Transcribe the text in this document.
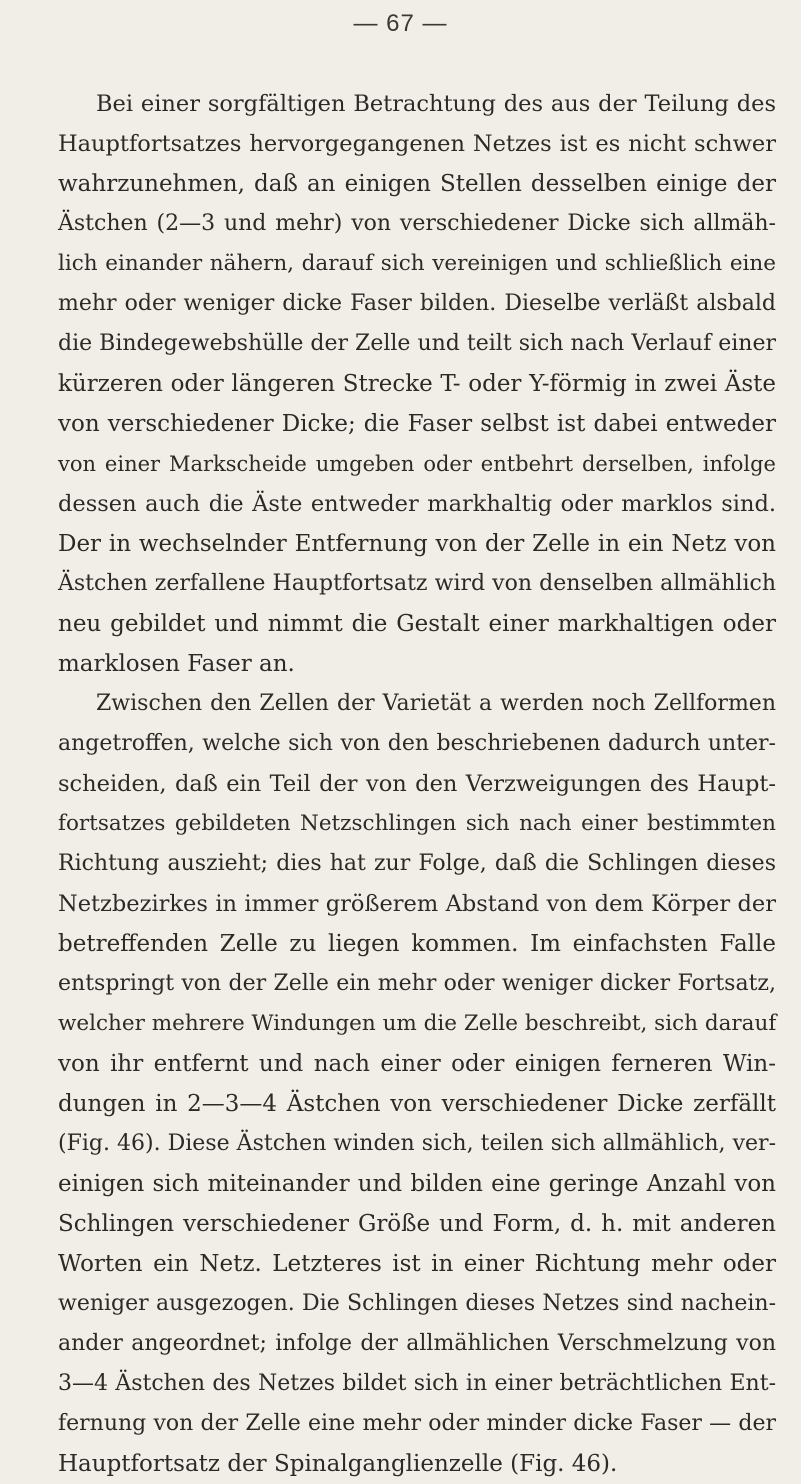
— 67 —
Bei einer sorgfältigen Betrachtung des aus der Teilung des
Hauptfortsatzes hervorgegangenen Netzes ist es nicht schwer
wahrzunehmen, daß an einigen Stellen desselben einige der
Ästchen (2—3 und mehr) von verschiedener Dicke sich allmäh-
lich einander nähern, darauf sich vereinigen und schließlich eine
mehr oder weniger dicke Faser bilden. Dieselbe verläßt alsbald
die Bindegewebshülle der Zelle und teilt sich nach Verlauf einer
kürzeren oder längeren Strecke T- oder Y-förmig in zwei Äste
von verschiedener Dicke; die Faser selbst ist dabei entweder
von einer Markscheide umgeben oder entbehrt derselben, infolge
dessen auch die Äste entweder markhaltig oder marklos sind.
Der in wechselnder Entfernung von der Zelle in ein Netz von
Ästchen zerfallene Hauptfortsatz wird von denselben allmählich
neu gebildet und nimmt die Gestalt einer markhaltigen oder
marklosen Faser an.
Zwischen den Zellen der Varietät a werden noch Zellformen
angetroffen, welche sich von den beschriebenen dadurch unter-
scheiden, daß ein Teil der von den Verzweigungen des Haupt-
fortsatzes gebildeten Netzschlingen sich nach einer bestimmten
Richtung auszieht; dies hat zur Folge, daß die Schlingen dieses
Netzbezirkes in immer größerem Abstand von dem Körper der
betreffenden Zelle zu liegen kommen. Im einfachsten Falle
entspringt von der Zelle ein mehr oder weniger dicker Fortsatz,
welcher mehrere Windungen um die Zelle beschreibt, sich darauf
von ihr entfernt und nach einer oder einigen ferneren Win-
dungen in 2—3—4 Ästchen von verschiedener Dicke zerfällt
(Fig. 46). Diese Ästchen winden sich, teilen sich allmählich, ver-
einigen sich miteinander und bilden eine geringe Anzahl von
Schlingen verschiedener Größe und Form, d. h. mit anderen
Worten ein Netz. Letzteres ist in einer Richtung mehr oder
weniger ausgezogen. Die Schlingen dieses Netzes sind nachein-
ander angeordnet; infolge der allmählichen Verschmelzung von
3—4 Ästchen des Netzes bildet sich in einer beträchtlichen Ent-
fernung von der Zelle eine mehr oder minder dicke Faser — der
Hauptfortsatz der Spinalganglienzelle (Fig. 46).
